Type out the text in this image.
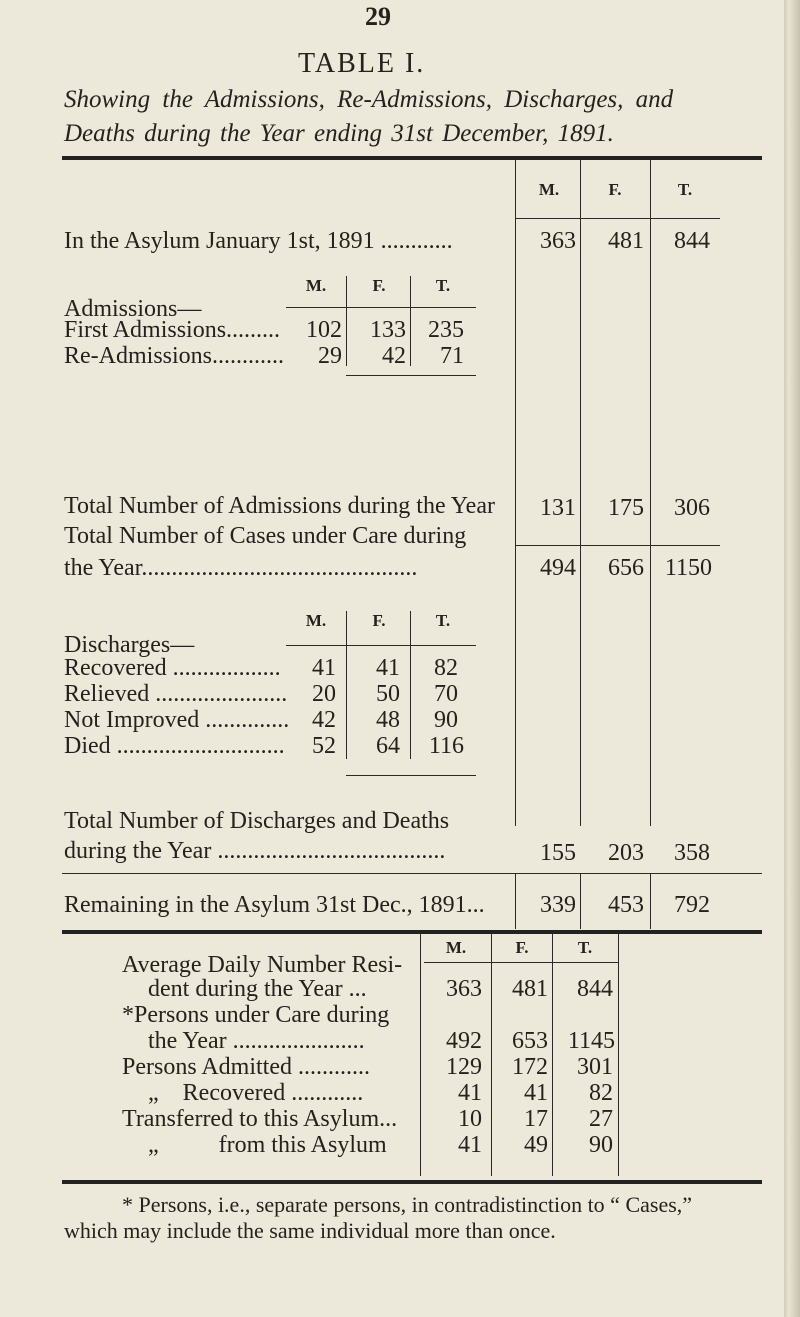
29
TABLE I.
Showing the Admissions, Re-Admissions, Discharges, and
Deaths during the Year ending 31st December, 1891.
M.	F.	T.
In the Asylum January 1st, 1891 ............	363	481	844
M.	F.	T.
Admissions—
First Admissions.........	102	133 235
Re-Admissions............	29	42	71
Total Number of Admissions during the Year	131	175	306
Total Number of Cases under Care during
the Year..............................................	494	656 1150
M.	F.	T.
Discharges—
Recovered ..................	41	41	82
Relieved ......................	20	50	70
Not Improved .............. 42	48	90
Died ............................	52	64	116
Total Number of Discharges and Deaths
during the Year ......................................	155	203	358
Remaining in the Asylum 31st Dec., 1891...	339	453	792
M.	F.	T.
Average Daily Number Resi-
dent during the Year ...	363	481	844
*Persons under Care during
the Year ......................	492	653 1145
Persons Admitted ............	129	172	301
„    Recovered ............	41	41	82
Transferred to this Asylum...	10	17	27
„          from this Asylum	41	49	90
* Persons, i.e., separate persons, in contradistinction to “ Cases,”
which may include the same individual more than once.
